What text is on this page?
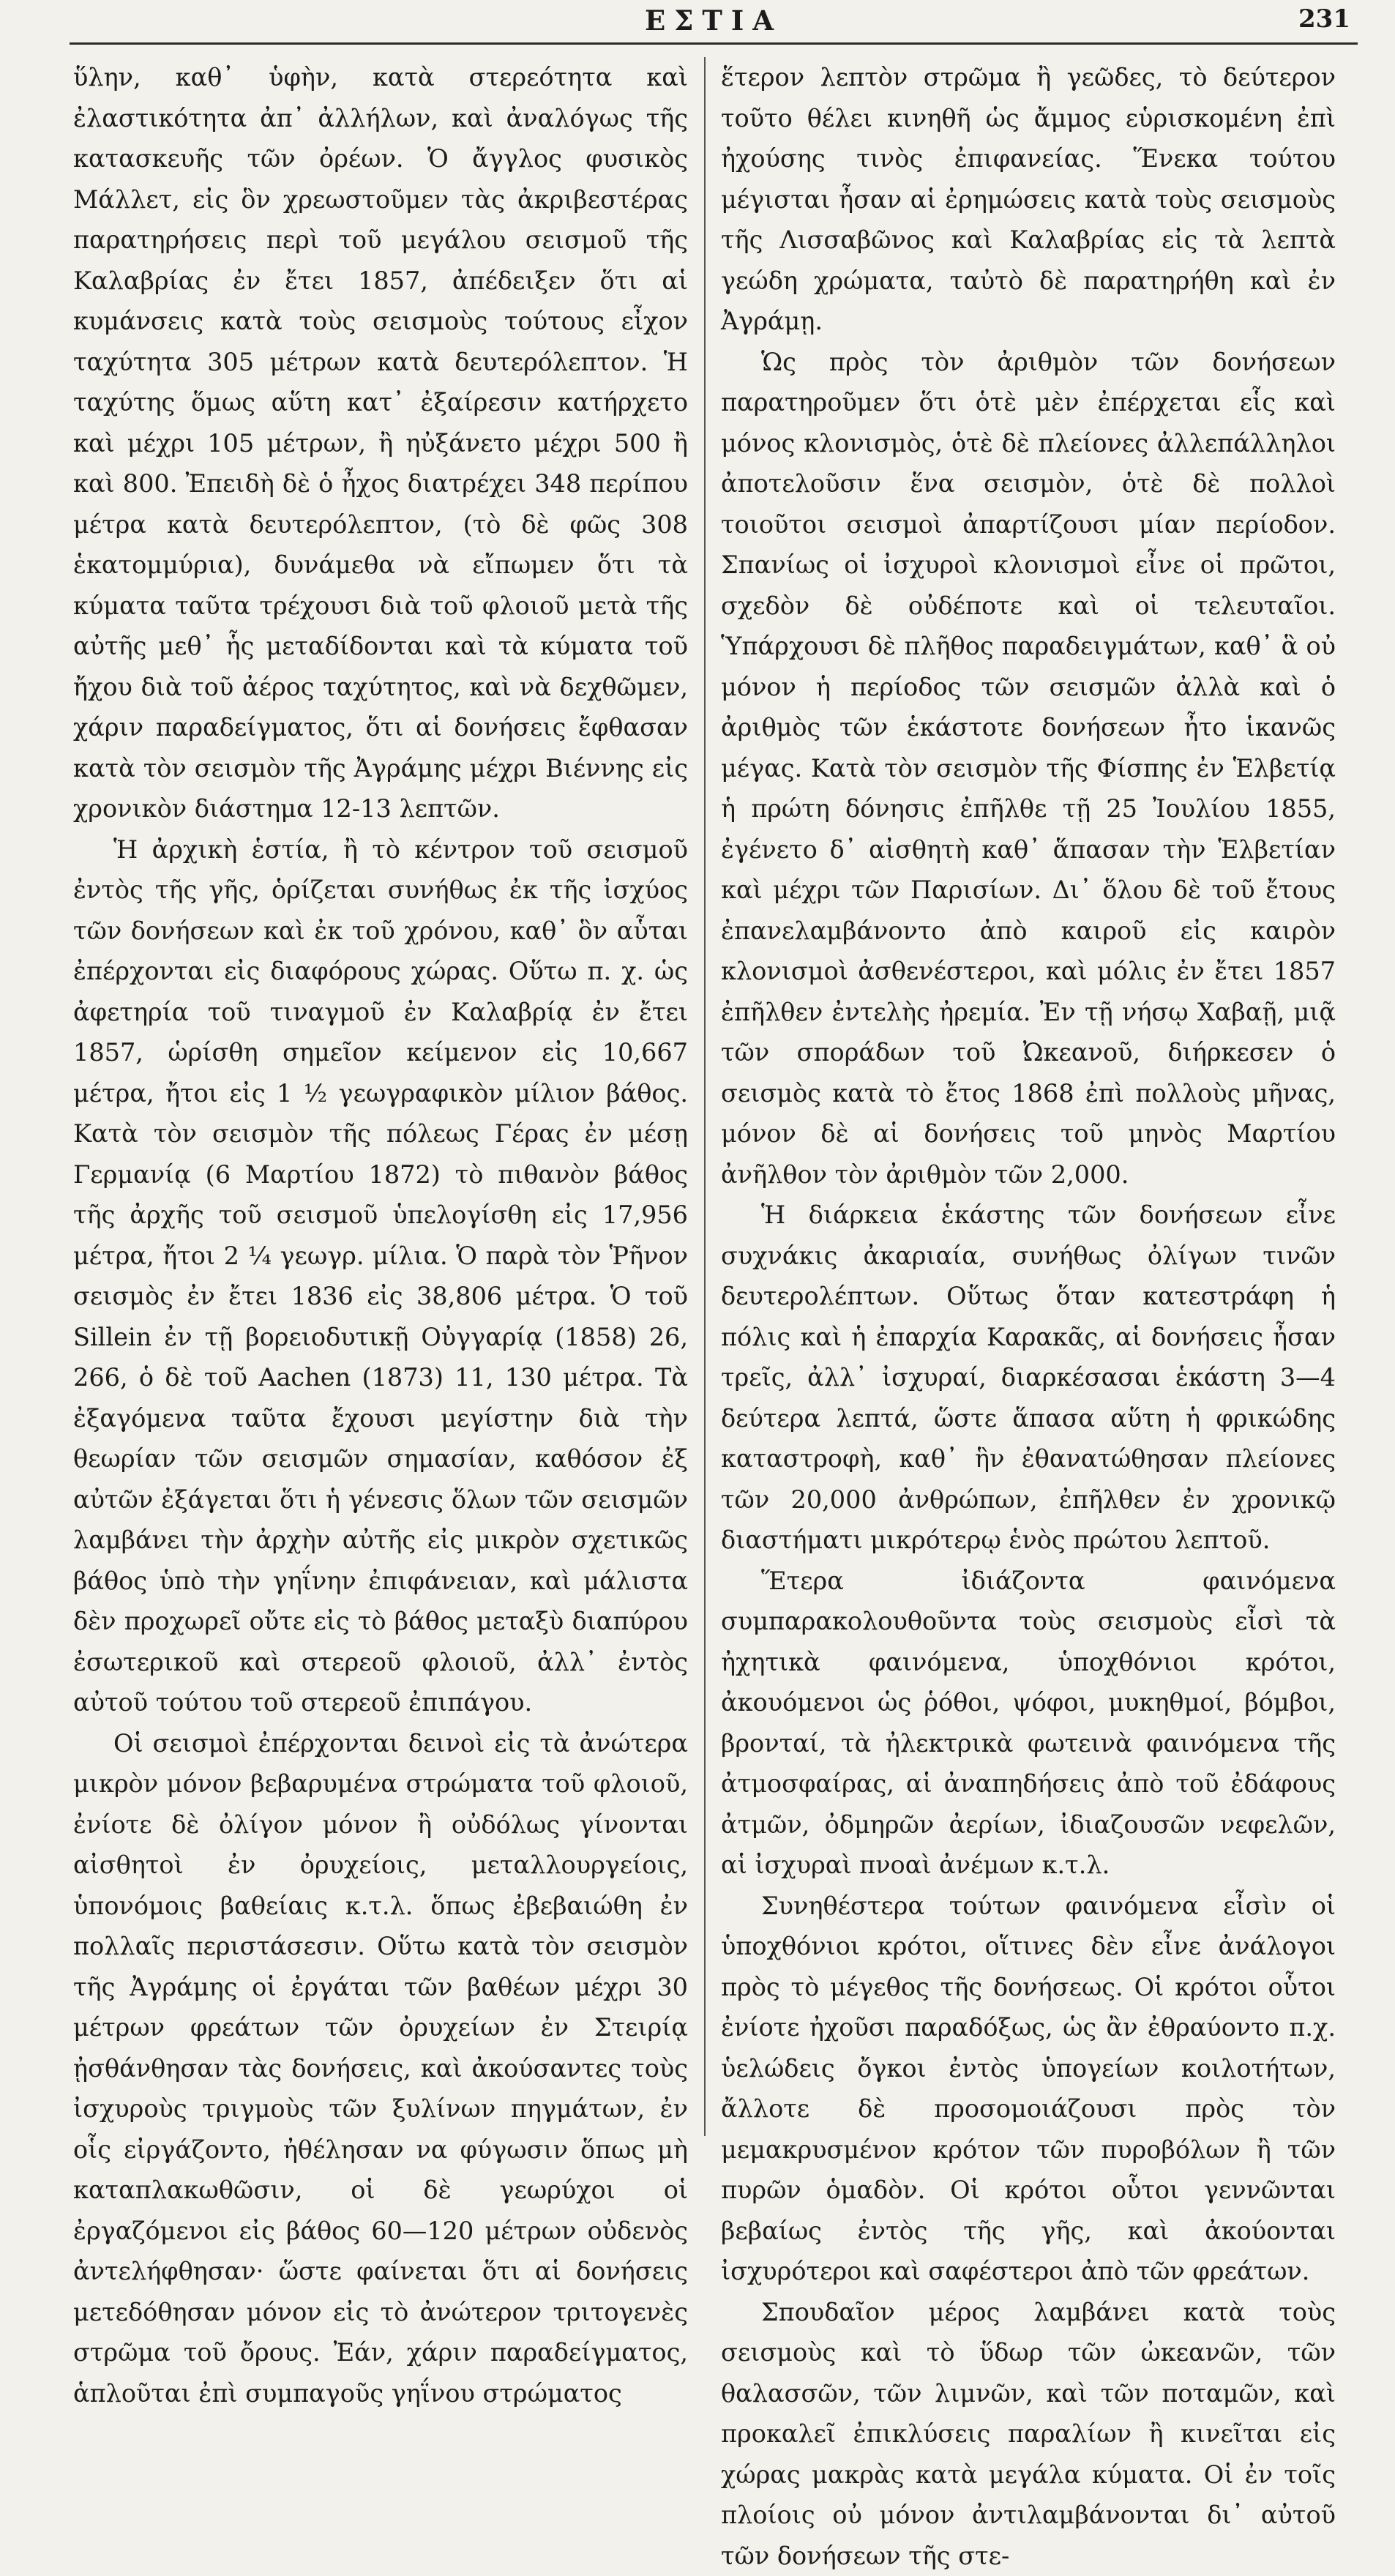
ΕΣΤΙΑ	231

ὕλην, καθ᾽ ὑφὴν, κατὰ στερεότητα καὶ ἐλαστικότητα ἀπ᾽ ἀλλήλων, καὶ ἀναλόγως τῆς κατασκευῆς τῶν ὀρέων. Ὁ ἄγγλος φυσικὸς Μάλλετ, εἰς ὃν χρεωστοῦμεν τὰς ἀκριβεστέρας παρατηρήσεις περὶ τοῦ μεγάλου σεισμοῦ τῆς Καλαβρίας ἐν ἔτει 1857, ἀπέδειξεν ὅτι αἱ κυμάνσεις κατὰ τοὺς σεισμοὺς τούτους εἶχον ταχύτητα 305 μέτρων κατὰ δευτερόλεπτον. Ἡ ταχύτης ὅμως αὕτη κατ᾽ ἐξαίρεσιν κατήρχετο καὶ μέχρι 105 μέτρων, ἢ ηὐξάνετο μέχρι 500 ἢ καὶ 800. Ἐπειδὴ δὲ ὁ ἦχος διατρέχει 348 περίπου μέτρα κατὰ δευτερόλεπτον, (τὸ δὲ φῶς 308 ἑκατομμύρια), δυνάμεθα νὰ εἴπωμεν ὅτι τὰ κύματα ταῦτα τρέχουσι διὰ τοῦ φλοιοῦ μετὰ τῆς αὐτῆς μεθ᾽ ἧς μεταδίδονται καὶ τὰ κύματα τοῦ ἤχου διὰ τοῦ ἀέρος ταχύτητος, καὶ νὰ δεχθῶμεν, χάριν παραδείγματος, ὅτι αἱ δονήσεις ἔφθασαν κατὰ τὸν σεισμὸν τῆς Ἀγράμης μέχρι Βιέννης εἰς χρονικὸν διάστημα 12-13 λεπτῶν.

Ἡ ἀρχικὴ ἑστία, ἢ τὸ κέντρον τοῦ σεισμοῦ ἐντὸς τῆς γῆς, ὁρίζεται συνήθως ἐκ τῆς ἰσχύος τῶν δονήσεων καὶ ἐκ τοῦ χρόνου, καθ᾽ ὃν αὗται ἐπέρχονται εἰς διαφόρους χώρας. Οὕτω π. χ. ὡς ἀφετηρία τοῦ τιναγμοῦ ἐν Καλαβρίᾳ ἐν ἔτει 1857, ὡρίσθη σημεῖον κείμενον εἰς 10,667 μέτρα, ἤτοι εἰς 1 ¹⁄₂ γεωγραφικὸν μίλιον βάθος. Κατὰ τὸν σεισμὸν τῆς πόλεως Γέρας ἐν μέσῃ Γερμανίᾳ (6 Μαρτίου 1872) τὸ πιθανὸν βάθος τῆς ἀρχῆς τοῦ σεισμοῦ ὑπελογίσθη εἰς 17,956 μέτρα, ἤτοι 2 ¹⁄₄ γεωγρ. μίλια. Ὁ παρὰ τὸν Ῥῆνον σεισμὸς ἐν ἔτει 1836 εἰς 38,806 μέτρα. Ὁ τοῦ Sillein ἐν τῇ βορειοδυτικῇ Οὐγγαρίᾳ (1858) 26, 266, ὁ δὲ τοῦ Aachen (1873) 11, 130 μέτρα. Τὰ ἐξαγόμενα ταῦτα ἔχουσι μεγίστην διὰ τὴν θεωρίαν τῶν σεισμῶν σημασίαν, καθόσον ἐξ αὐτῶν ἐξάγεται ὅτι ἡ γένεσις ὅλων τῶν σεισμῶν λαμβάνει τὴν ἀρχὴν αὐτῆς εἰς μικρὸν σχετικῶς βάθος ὑπὸ τὴν γηΐνην ἐπιφάνειαν, καὶ μάλιστα δὲν προχωρεῖ οὔτε εἰς τὸ βάθος μεταξὺ διαπύρου ἐσωτερικοῦ καὶ στερεοῦ φλοιοῦ, ἀλλ᾽ ἐντὸς αὐτοῦ τούτου τοῦ στερεοῦ ἐπιπάγου.

Οἱ σεισμοὶ ἐπέρχονται δεινοὶ εἰς τὰ ἀνώτερα μικρὸν μόνον βεβαρυμένα στρώματα τοῦ φλοιοῦ, ἐνίοτε δὲ ὀλίγον μόνον ἢ οὐδόλως γίνονται αἰσθητοὶ ἐν ὀρυχείοις, μεταλλουργείοις, ὑπονόμοις βαθείαις κ.τ.λ. ὅπως ἐβεβαιώθη ἐν πολλαῖς περιστάσεσιν. Οὕτω κατὰ τὸν σεισμὸν τῆς Ἀγράμης οἱ ἐργάται τῶν βαθέων μέχρι 30 μέτρων φρεάτων τῶν ὀρυχείων ἐν Στειρίᾳ ᾐσθάνθησαν τὰς δονήσεις, καὶ ἀκούσαντες τοὺς ἰσχυροὺς τριγμοὺς τῶν ξυλίνων πηγμάτων, ἐν οἷς εἰργάζοντο, ἠθέλησαν να φύγωσιν ὅπως μὴ καταπλακωθῶσιν, οἱ δὲ γεωρύχοι οἱ ἐργαζόμενοι εἰς βάθος 60—120 μέτρων οὐδενὸς ἀντελήφθησαν· ὥστε φαίνεται ὅτι αἱ δονήσεις μετεδόθησαν μόνον εἰς τὸ ἀνώτερον τριτογενὲς στρῶμα τοῦ ὄρους. Ἐάν, χάριν παραδείγματος, ἁπλοῦται ἐπὶ συμπαγοῦς γηΐνου στρώματος

ἕτερον λεπτὸν στρῶμα ἢ γεῶδες, τὸ δεύτερον τοῦτο θέλει κινηθῆ ὡς ἄμμος εὑρισκομένη ἐπὶ ἠχούσης τινὸς ἐπιφανείας. Ἕνεκα τούτου μέγισται ἦσαν αἱ ἐρημώσεις κατὰ τοὺς σεισμοὺς τῆς Λισσαβῶνος καὶ Καλαβρίας εἰς τὰ λεπτὰ γεώδη χρώματα, ταὐτὸ δὲ παρατηρήθη καὶ ἐν Ἀγράμῃ.

Ὡς πρὸς τὸν ἀριθμὸν τῶν δονήσεων παρατηροῦμεν ὅτι ὁτὲ μὲν ἐπέρχεται εἷς καὶ μόνος κλονισμὸς, ὁτὲ δὲ πλείονες ἀλλεπάλληλοι ἀποτελοῦσιν ἕνα σεισμὸν, ὁτὲ δὲ πολλοὶ τοιοῦτοι σεισμοὶ ἀπαρτίζουσι μίαν περίοδον. Σπανίως οἱ ἰσχυροὶ κλονισμοὶ εἶνε οἱ πρῶτοι, σχεδὸν δὲ οὐδέποτε καὶ οἱ τελευταῖοι. Ὑπάρχουσι δὲ πλῆθος παραδειγμάτων, καθ᾽ ἃ οὐ μόνον ἡ περίοδος τῶν σεισμῶν ἀλλὰ καὶ ὁ ἀριθμὸς τῶν ἑκάστοτε δονήσεων ἦτο ἱκανῶς μέγας. Κατὰ τὸν σεισμὸν τῆς Φίσπης ἐν Ἑλβετίᾳ ἡ πρώτη δόνησις ἐπῆλθε τῇ 25 Ἰουλίου 1855, ἐγένετο δ᾽ αἰσθητὴ καθ᾽ ἅπασαν τὴν Ἑλβετίαν καὶ μέχρι τῶν Παρισίων. Δι᾽ ὅλου δὲ τοῦ ἔτους ἐπανελαμβάνοντο ἀπὸ καιροῦ εἰς καιρὸν κλονισμοὶ ἀσθενέστεροι, καὶ μόλις ἐν ἔτει 1857 ἐπῆλθεν ἐντελὴς ἠρεμία. Ἐν τῇ νήσῳ Χαβαῇ, μιᾷ τῶν σποράδων τοῦ Ὠκεανοῦ, διήρκεσεν ὁ σεισμὸς κατὰ τὸ ἔτος 1868 ἐπὶ πολλοὺς μῆνας, μόνον δὲ αἱ δονήσεις τοῦ μηνὸς Μαρτίου ἀνῆλθον τὸν ἀριθμὸν τῶν 2,000.

Ἡ διάρκεια ἑκάστης τῶν δονήσεων εἶνε συχνάκις ἀκαριαία, συνήθως ὀλίγων τινῶν δευτερολέπτων. Οὕτως ὅταν κατεστράφη ἡ πόλις καὶ ἡ ἐπαρχία Καρακᾶς, αἱ δονήσεις ἦσαν τρεῖς, ἀλλ᾽ ἰσχυραί, διαρκέσασαι ἑκάστη 3—4 δεύτερα λεπτά, ὥστε ἅπασα αὕτη ἡ φρικώδης καταστροφὴ, καθ᾽ ἣν ἐθανατώθησαν πλείονες τῶν 20,000 ἀνθρώπων, ἐπῆλθεν ἐν χρονικῷ διαστήματι μικρότερῳ ἑνὸς πρώτου λεπτοῦ.

Ἕτερα ἰδιάζοντα φαινόμενα συμπαρακολουθοῦντα τοὺς σεισμοὺς εἶσὶ τὰ ἠχητικὰ φαινόμενα, ὑποχθόνιοι κρότοι, ἀκουόμενοι ὡς ῥόθοι, ψόφοι, μυκηθμοί, βόμβοι, βρονταί, τὰ ἠλεκτρικὰ φωτεινὰ φαινόμενα τῆς ἀτμοσφαίρας, αἱ ἀναπηδήσεις ἀπὸ τοῦ ἐδάφους ἀτμῶν, ὀδμηρῶν ἀερίων, ἰδιαζουσῶν νεφελῶν, αἱ ἰσχυραὶ πνοαὶ ἀνέμων κ.τ.λ.

Συνηθέστερα τούτων φαινόμενα εἶσὶν οἱ ὑποχθόνιοι κρότοι, οἵτινες δὲν εἶνε ἀνάλογοι πρὸς τὸ μέγεθος τῆς δονήσεως. Οἱ κρότοι οὗτοι ἐνίοτε ἠχοῦσι παραδόξως, ὡς ἂν ἐθραύοντο π.χ. ὑελώδεις ὄγκοι ἐντὸς ὑπογείων κοιλοτήτων, ἄλλοτε δὲ προσομοιάζουσι πρὸς τὸν μεμακρυσμένον κρότον τῶν πυροβόλων ἢ τῶν πυρῶν ὁμαδὸν. Οἱ κρότοι οὗτοι γεννῶνται βεβαίως ἐντὸς τῆς γῆς, καὶ ἀκούονται ἰσχυρότεροι καὶ σαφέστεροι ἀπὸ τῶν φρεάτων.

Σπουδαῖον μέρος λαμβάνει κατὰ τοὺς σεισμοὺς καὶ τὸ ὕδωρ τῶν ὠκεανῶν, τῶν θαλασσῶν, τῶν λιμνῶν, καὶ τῶν ποταμῶν, καὶ προκαλεῖ ἐπικλύσεις παραλίων ἢ κινεῖται εἰς χώρας μακρὰς κατὰ μεγάλα κύματα. Οἱ ἐν τοῖς πλοίοις οὐ μόνον ἀντιλαμβάνονται δι᾽ αὐτοῦ τῶν δονήσεων τῆς στε-
